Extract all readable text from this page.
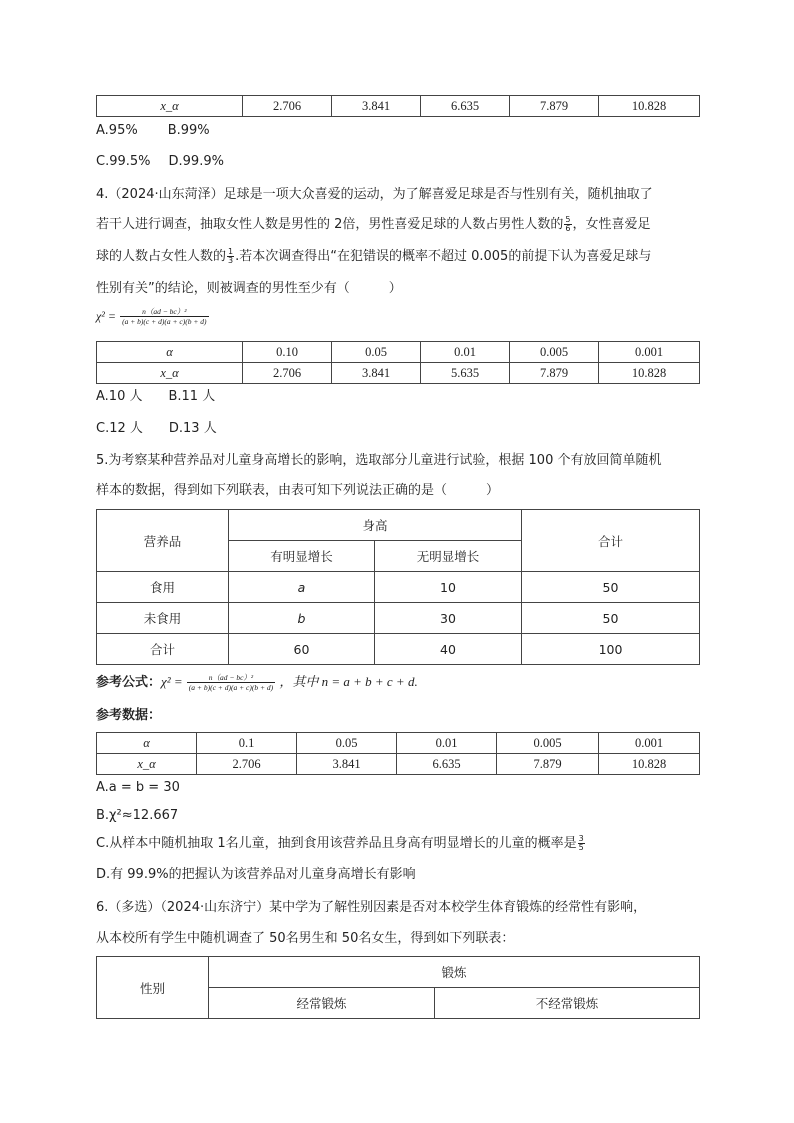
x_α	2.706	3.841	6.635	7.879	10.828
A.95% B.99%
C.99.5% D.99.9%
4.（2024·山东菏泽）足球是一项大众喜爱的运动，为了解喜爱足球是否与性别有关，随机抽取了
若干人进行调查，抽取女性人数是男性的 2倍，男性喜爱足球的人数占男性人数的 $\frac{5}{6}$ ，女性喜爱足
球的人数占女性人数的 $\frac{1}{3}$ .若本次调查得出“在犯错误的概率不超过 0.005的前提下认为喜爱足球与
性别有关”的结论，则被调查的男性至少有（　　　）
$\chi^2 = \frac{\text{n（ad − bc）²}}{(a + b)(c + d)(a + c)(b + d)}$
α	0.10	0.05	0.01	0.005	0.001
x_α	2.706	3.841	5.635	7.879	10.828
A.10 人 B.11 人
C.12 人 D.13 人
5.为考察某种营养品对儿童身高增长的影响，选取部分儿童进行试验，根据 100 个有放回简单随机
样本的数据，得到如下列联表，由表可知下列说法正确的是（　　　）
营养品	身高		合计
	有明显增长	无明显增长	
食用	a	10	50
未食用	b	30	50
合计	60	40	100
参考公式：$\chi^2 = \frac{\text{n（ad − bc）²}}{(a + b)(c + d)(a + c)(b + d)}$ ，其中 n = a + b + c + d.
参考数据：
α	0.1	0.05	0.01	0.005	0.001
x_α	2.706	3.841	6.635	7.879	10.828
A.a = b = 30
B.χ²≈12.667
C.从样本中随机抽取 1名儿童，抽到食用该营养品且身高有明显增长的儿童的概率是 $\frac{3}{5}$
D.有 99.9%的把握认为该营养品对儿童身高增长有影响
6.（多选）（2024·山东济宁）某中学为了解性别因素是否对本校学生体育锻炼的经常性有影响，
从本校所有学生中随机调查了 50名男生和 50名女生，得到如下列联表：
性别	锻炼	
	经常锻炼	不经常锻炼
